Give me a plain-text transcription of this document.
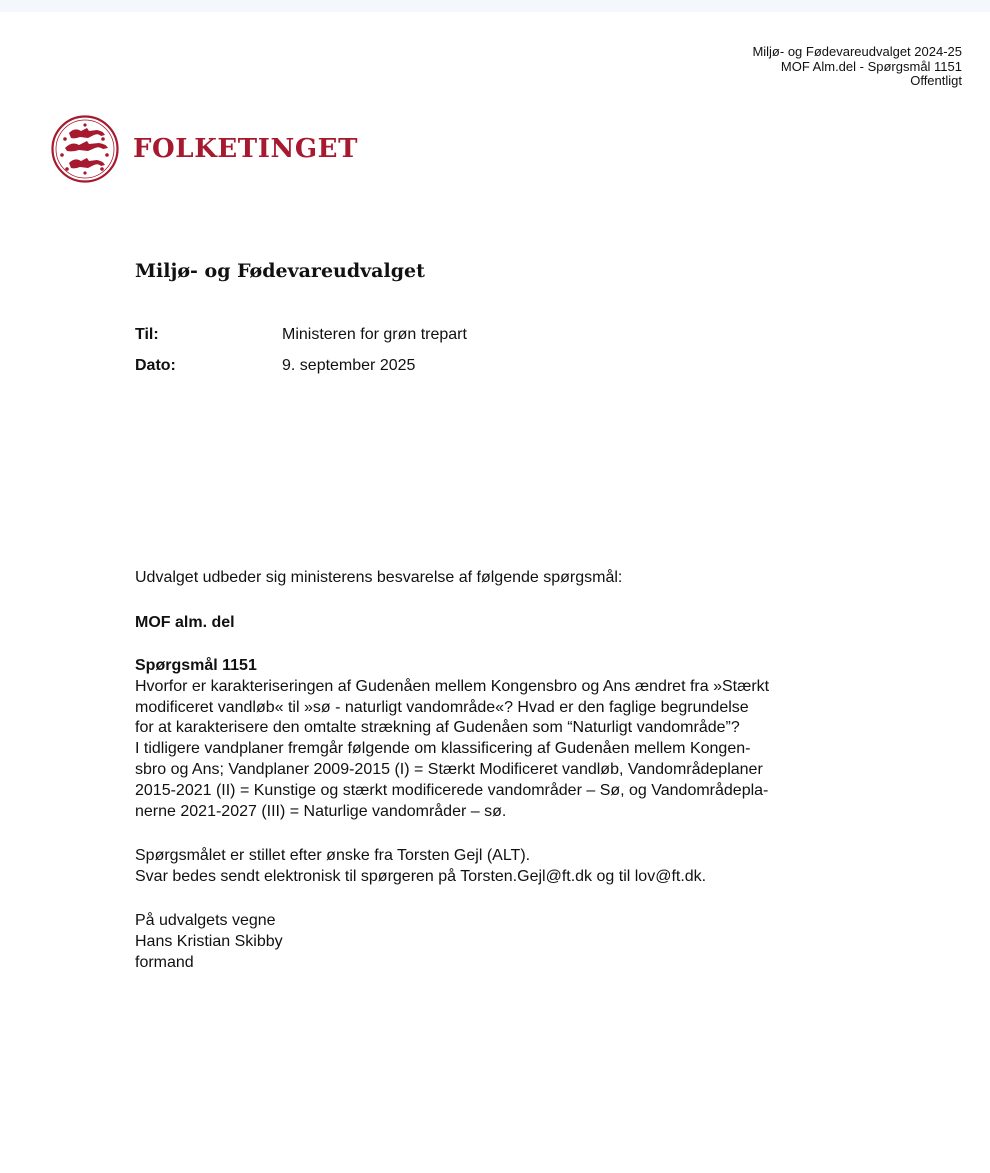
Miljø- og Fødevareudvalget 2024-25
MOF Alm.del - Spørgsmål 1151
Offentligt
FOLKETINGET
Miljø- og Fødevareudvalget
Til:	Ministeren for grøn trepart
Dato:	9. september 2025
Udvalget udbeder sig ministerens besvarelse af følgende spørgsmål:
MOF alm. del
Spørgsmål 1151
Hvorfor er karakteriseringen af Gudenåen mellem Kongensbro og Ans ændret fra »Stærkt
modificeret vandløb« til »sø - naturligt vandområde«? Hvad er den faglige begrundelse
for at karakterisere den omtalte strækning af Gudenåen som “Naturligt vandområde”?
I tidligere vandplaner fremgår følgende om klassificering af Gudenåen mellem Kongen-
sbro og Ans; Vandplaner 2009-2015 (I) = Stærkt Modificeret vandløb, Vandområdeplaner
2015-2021 (II) = Kunstige og stærkt modificerede vandområder – Sø, og Vandområdepla-
nerne 2021-2027 (III) = Naturlige vandområder – sø.
Spørgsmålet er stillet efter ønske fra Torsten Gejl (ALT).
Svar bedes sendt elektronisk til spørgeren på Torsten.Gejl@ft.dk og til lov@ft.dk.
På udvalgets vegne
Hans Kristian Skibby
formand
